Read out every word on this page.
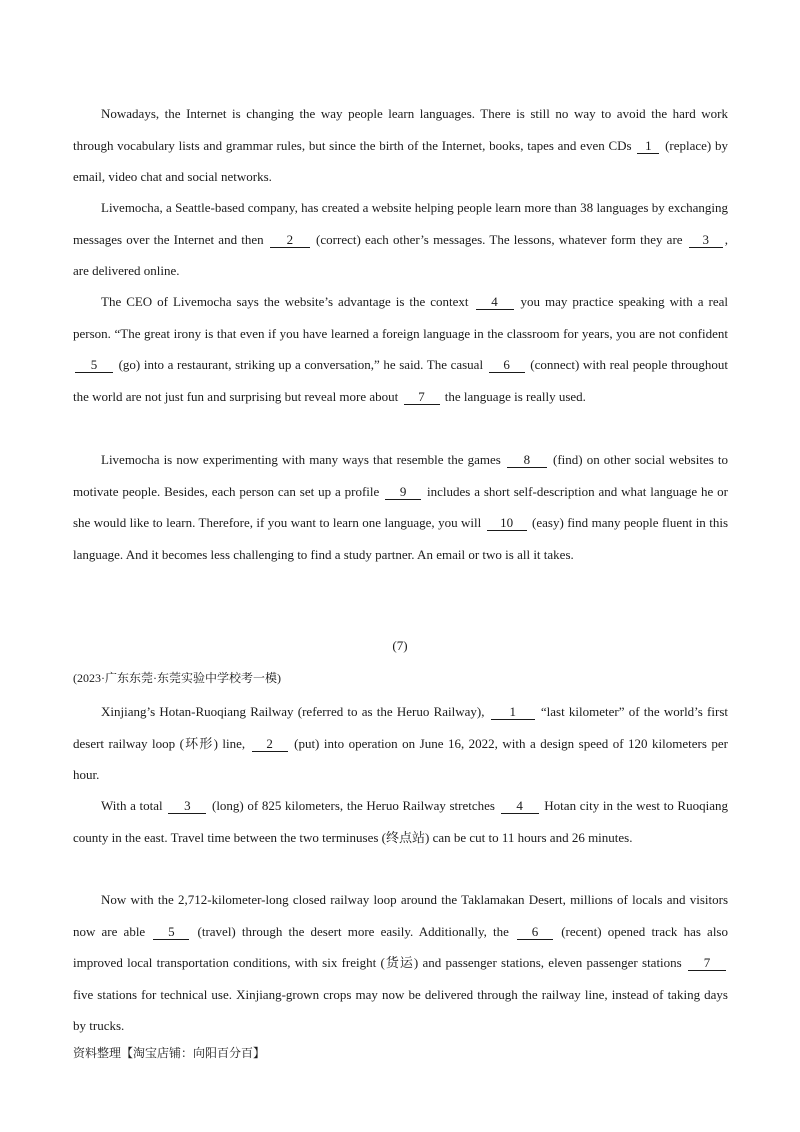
Nowadays, the Internet is changing the way people learn languages. There is still no way to avoid the hard work through vocabulary lists and grammar rules, but since the birth of the Internet, books, tapes and even CDs 1 (replace) by email, video chat and social networks.

Livemocha, a Seattle-based company, has created a website helping people learn more than 38 languages by exchanging messages over the Internet and then 2 (correct) each other’s messages. The lessons, whatever form they are 3 , are delivered online.

The CEO of Livemocha says the website’s advantage is the context 4 you may practice speaking with a real person. “The great irony is that even if you have learned a foreign language in the classroom for years, you are not confident 5 (go) into a restaurant, striking up a conversation,” he said. The casual 6 (connect) with real people throughout the world are not just fun and surprising but reveal more about 7 the language is really used.

Livemocha is now experimenting with many ways that resemble the games 8 (find) on other social websites to motivate people. Besides, each person can set up a profile 9 includes a short self-description and what language he or she would like to learn. Therefore, if you want to learn one language, you will 10 (easy) find many people fluent in this language. And it becomes less challenging to find a study partner. An email or two is all it takes.

(7)
(2023·广东东莞·东莞实验中学校考一模)

Xinjiang’s Hotan-Ruoqiang Railway (referred to as the Heruo Railway), 1 “last kilometer” of the world’s first desert railway loop (环形) line, 2 (put) into operation on June 16, 2022, with a design speed of 120 kilometers per hour.

With a total 3 (long) of 825 kilometers, the Heruo Railway stretches 4 Hotan city in the west to Ruoqiang county in the east. Travel time between the two terminuses (终点站) can be cut to 11 hours and 26 minutes.

Now with the 2,712-kilometer-long closed railway loop around the Taklamakan Desert, millions of locals and visitors now are able 5 (travel) through the desert more easily. Additionally, the 6 (recent) opened track has also improved local transportation conditions, with six freight (货运) and passenger stations, eleven passenger stations 7 five stations for technical use. Xinjiang-grown crops may now be delivered through the railway line, instead of taking days by trucks.

资料整理【淘宝店铺：向阳百分百】
